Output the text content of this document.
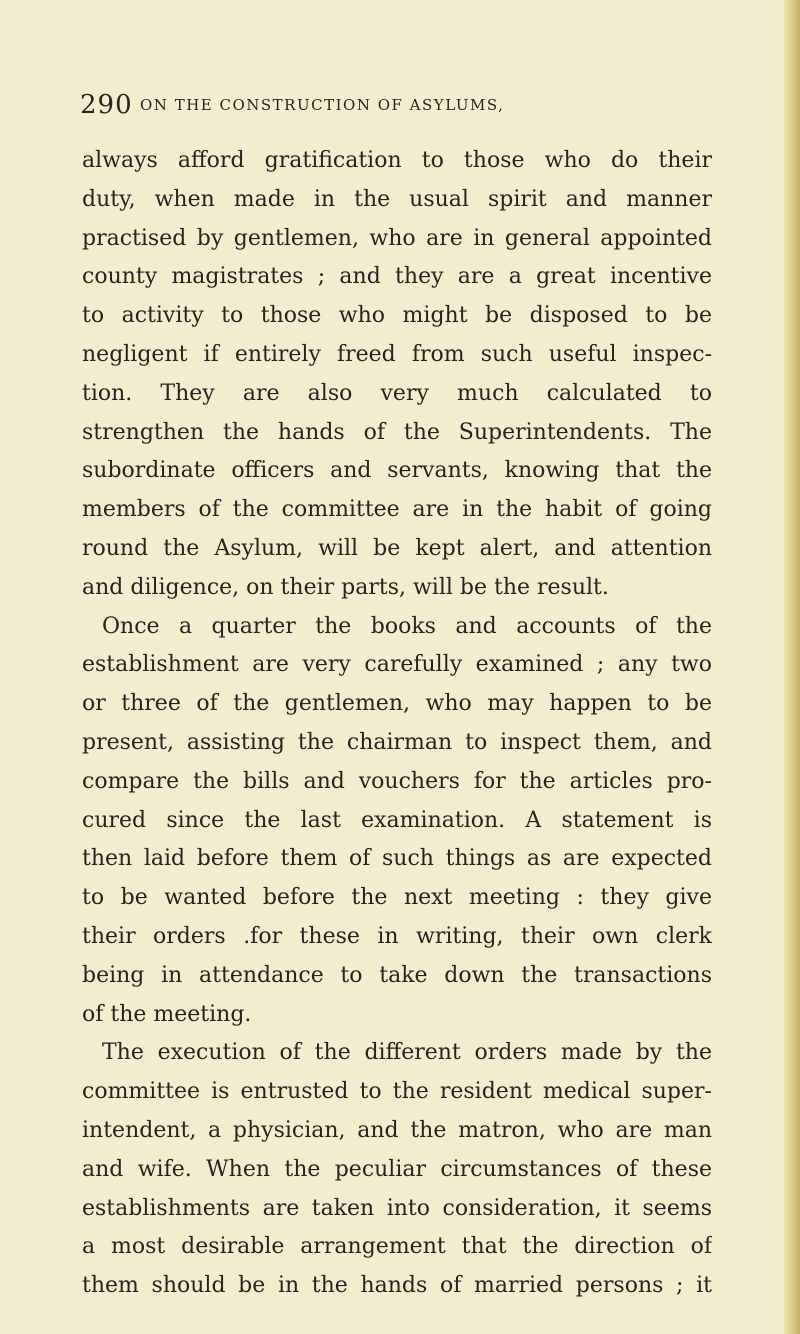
290 ON THE CONSTRUCTION OF ASYLUMS,
always afford gratification to those who do their
duty, when made in the usual spirit and manner
practised by gentlemen, who are in general appointed
county magistrates ; and they are a great incentive
to activity to those who might be disposed to be
negligent if entirely freed from such useful inspec-
tion. They are also very much calculated to
strengthen the hands of the Superintendents. The
subordinate officers and servants, knowing that the
members of the committee are in the habit of going
round the Asylum, will be kept alert, and attention
and diligence, on their parts, will be the result.
Once a quarter the books and accounts of the
establishment are very carefully examined ; any two
or three of the gentlemen, who may happen to be
present, assisting the chairman to inspect them, and
compare the bills and vouchers for the articles pro-
cured since the last examination. A statement is
then laid before them of such things as are expected
to be wanted before the next meeting : they give
their orders .for these in writing, their own clerk
being in attendance to take down the transactions
of the meeting.
The execution of the different orders made by the
committee is entrusted to the resident medical super-
intendent, a physician, and the matron, who are man
and wife. When the peculiar circumstances of these
establishments are taken into consideration, it seems
a most desirable arrangement that the direction of
them should be in the hands of married persons ; it
